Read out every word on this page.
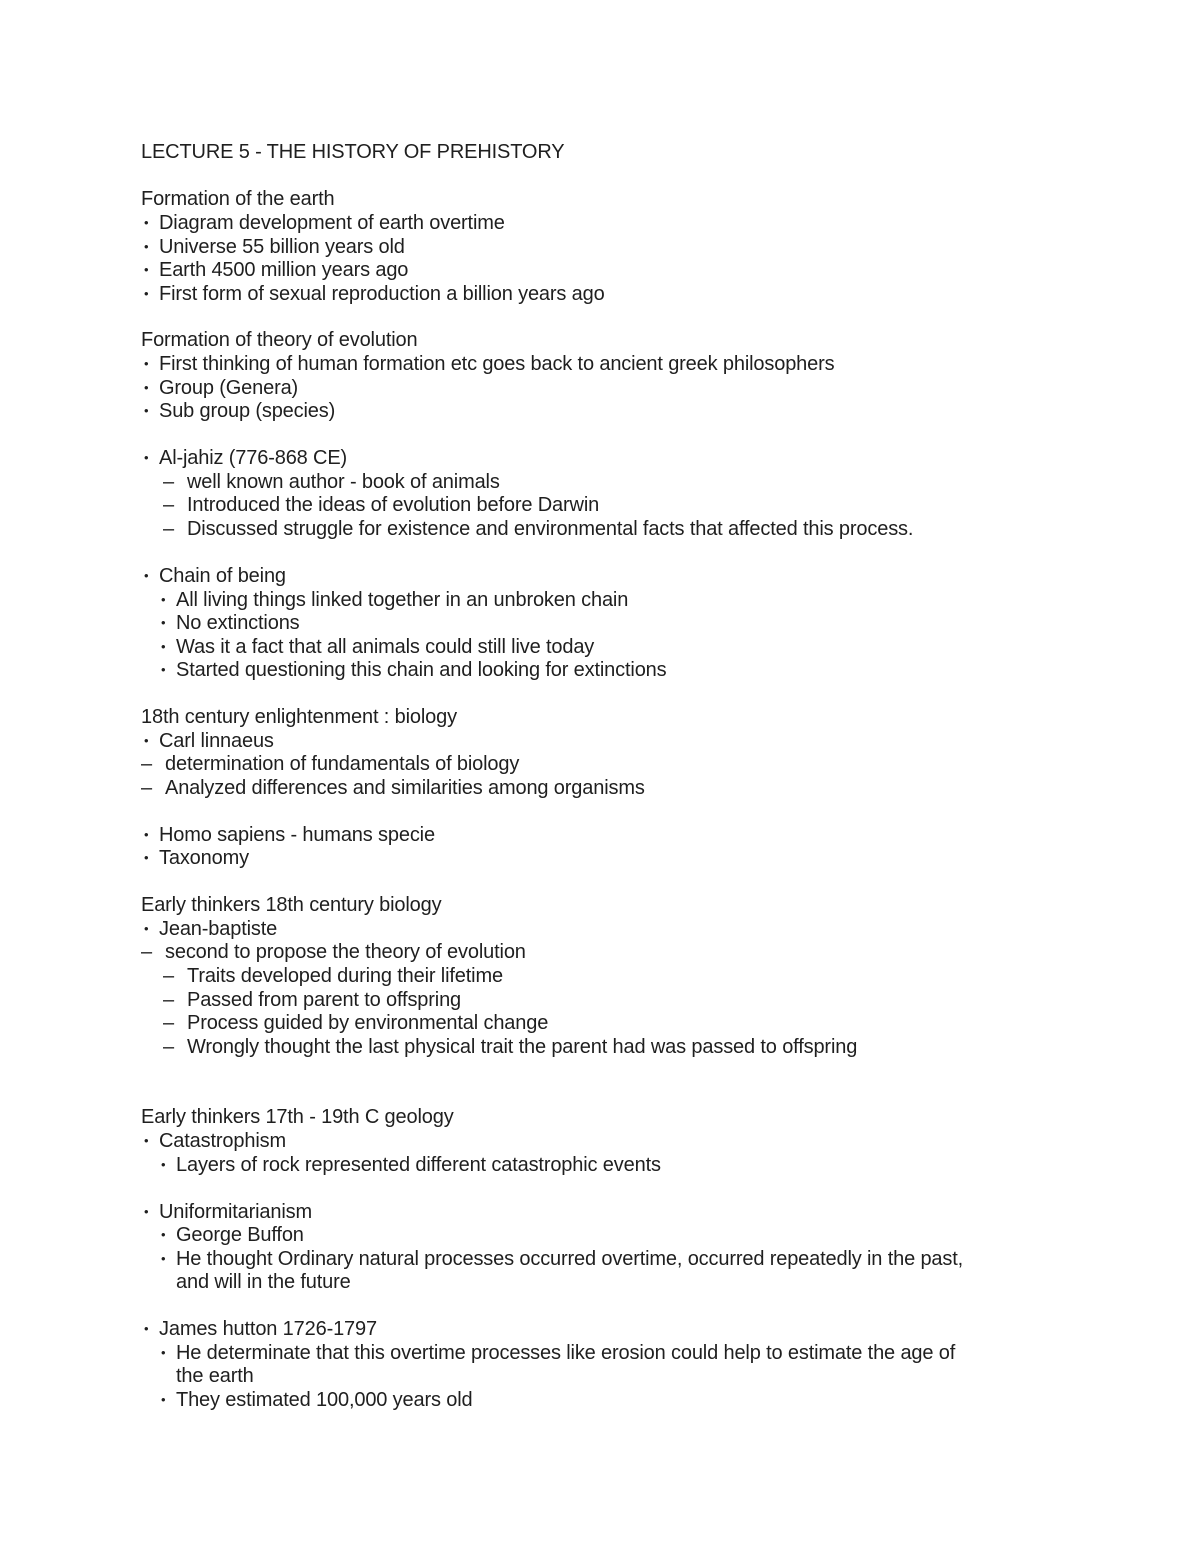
LECTURE 5 - THE HISTORY OF PREHISTORY
Formation of the earth
• Diagram development of earth overtime
• Universe 55 billion years old
• Earth 4500 million years ago
• First form of sexual reproduction a billion years ago
Formation of theory of evolution
• First thinking of human formation etc goes back to ancient greek philosophers
• Group (Genera)
• Sub group (species)
• Al-jahiz (776-868 CE)
– well known author - book of animals
– Introduced the ideas of evolution before Darwin
– Discussed struggle for existence and environmental facts that affected this process.
• Chain of being
• All living things linked together in an unbroken chain
• No extinctions
• Was it a fact that all animals could still live today
• Started questioning this chain and looking for extinctions
18th century enlightenment : biology
• Carl linnaeus
– determination of fundamentals of biology
– Analyzed differences and similarities among organisms
• Homo sapiens - humans specie
• Taxonomy
Early thinkers 18th century biology
• Jean-baptiste
– second to propose the theory of evolution
– Traits developed during their lifetime
– Passed from parent to offspring
– Process guided by environmental change
– Wrongly thought the last physical trait the parent had was passed to offspring
Early thinkers 17th - 19th C geology
• Catastrophism
• Layers of rock represented different catastrophic events
• Uniformitarianism
• George Buffon
• He thought Ordinary natural processes occurred overtime, occurred repeatedly in the past,
and will in the future
• James hutton 1726-1797
• He determinate that this overtime processes like erosion could help to estimate the age of
the earth
• They estimated 100,000 years old
